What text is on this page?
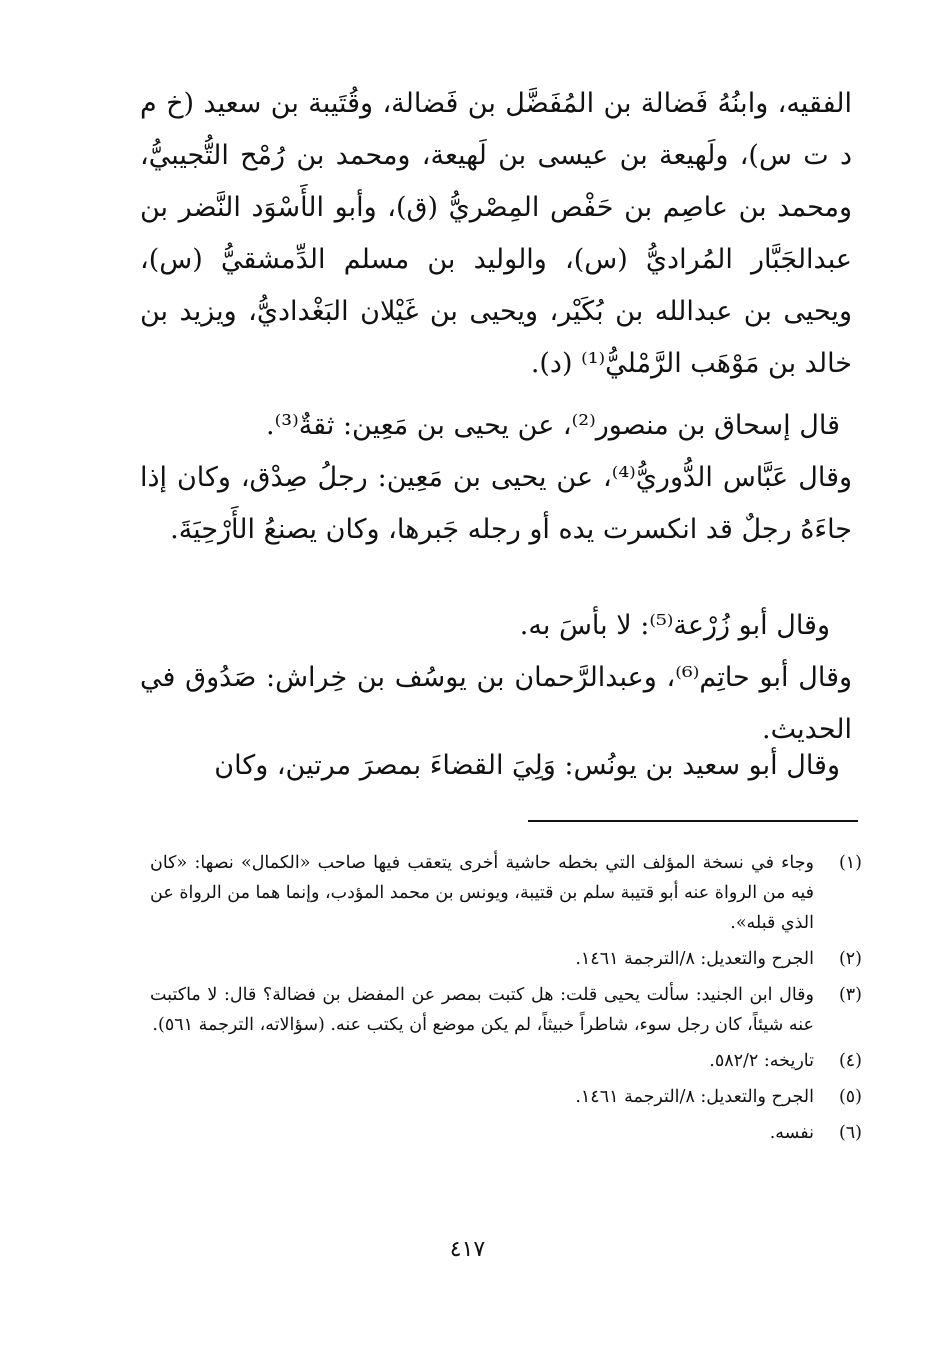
الفقيه، وابنُهُ فَضالة بن المُفَضَّل بن فَضالة، وقُتَيبة بن سعيد (خ م د ت س)، ولَهيعة بن عيسى بن لَهيعة، ومحمد بن رُمْح التُّجيبيُّ، ومحمد بن عاصِم بن حَفْص المِصْريُّ (ق)، وأبو الأَسْوَد النَّضر بن عبدالجَبَّار المُراديُّ (س)، والوليد بن مسلم الدِّمشقيُّ (س)، ويحيى بن عبدالله بن بُكَيْر، ويحيى بن غَيْلان البَغْداديُّ، ويزيد بن خالد بن مَوْهَب الرَّمْليُّ⁽¹⁾ (د).

قال إسحاق بن منصور⁽²⁾، عن يحيى بن مَعِين: ثقةٌ⁽³⁾.

وقال عَبَّاس الدُّوريُّ⁽⁴⁾، عن يحيى بن مَعِين: رجلُ صِدْق، وكان إذا جاءَهُ رجلٌ قد انكسرت يده أو رجله جَبرها، وكان يصنعُ الأَرْحِيَةَ.

وقال أبو زُرْعة⁽⁵⁾: لا بأسَ به.

وقال أبو حاتِم⁽⁶⁾، وعبدالرَّحمان بن يوسُف بن خِراش: صَدُوق في الحديث.

وقال أبو سعيد بن يونُس: وَلِيَ القضاءَ بمصرَ مرتين، وكان

(١)
وجاء في نسخة المؤلف التي بخطه حاشية أخرى يتعقب فيها صاحب «الكمال» نصها: «كان فيه من الرواة عنه أبو قتيبة سلم بن قتيبة، ويونس بن محمد المؤدب، وإنما هما من الرواة عن الذي قبله».
(٢)
الجرح والتعديل: ٨/الترجمة ١٤٦١.
(٣)
وقال ابن الجنيد: سألت يحيى قلت: هل كتبت بمصر عن المفضل بن فضالة؟ قال: لا ماكتبت عنه شيئاً، كان رجل سوء، شاطراً خبيثاً، لم يكن موضع أن يكتب عنه. (سؤالاته، الترجمة ٥٦١).
(٤)
تاريخه: ٥٨٢/٢.
(٥)
الجرح والتعديل: ٨/الترجمة ١٤٦١.
(٦)
نفسه.
٤١٧
